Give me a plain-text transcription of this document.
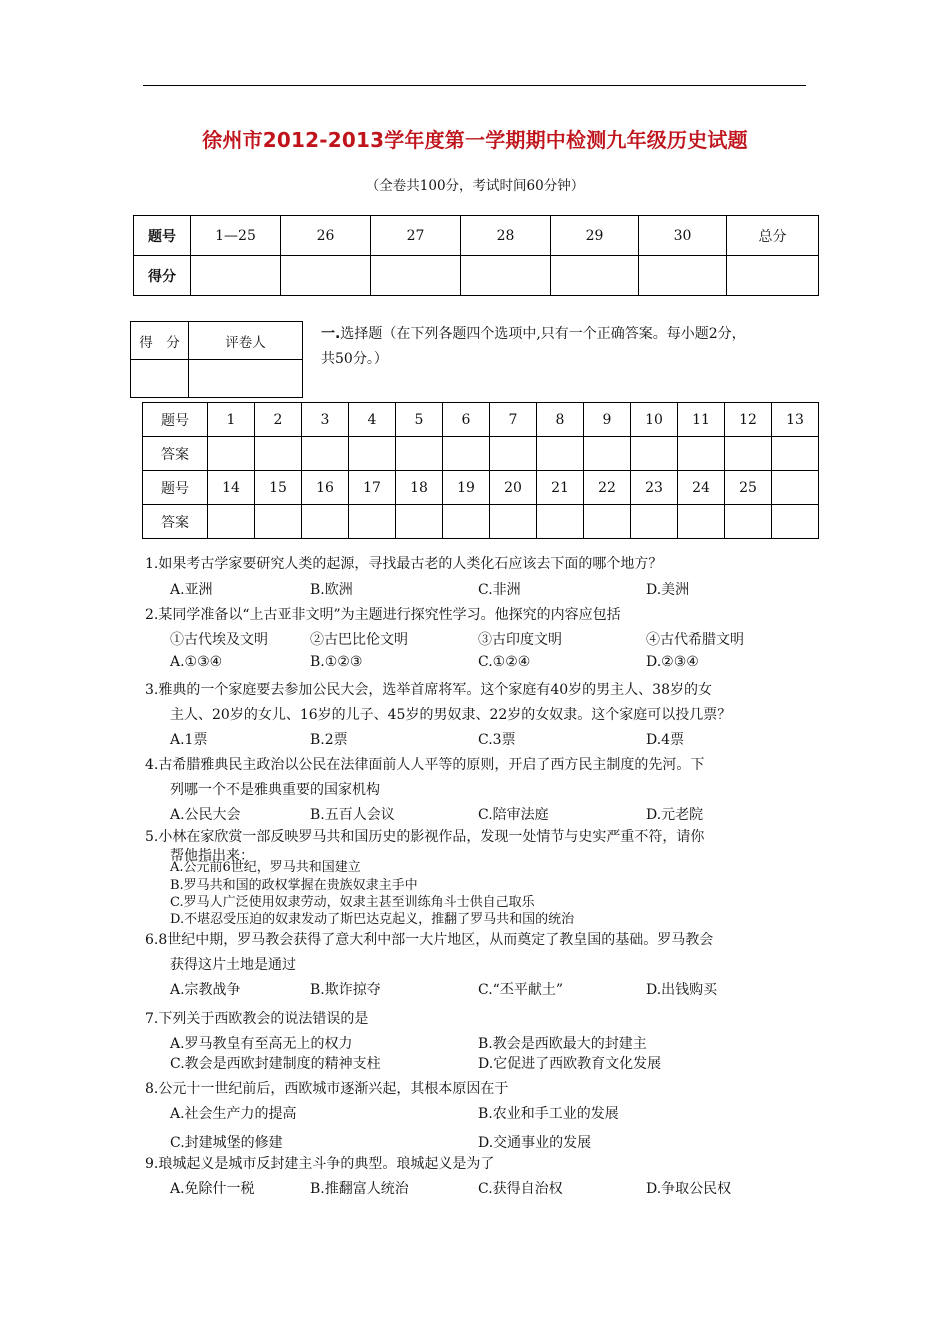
徐州市2012-2013学年度第一学期期中检测九年级历史试题
（全卷共100分，考试时间60分钟）
题号	1—25	26	27	28	29	30	总分
得分							
得　分	评卷人

一.选择题（在下列各题四个选项中,只有一个正确答案。每小题2分，
共50分。）
题号	1	2	3	4	5	6	7	8	9	10	11	12	13
答案													
题号	14	15	16	17	18	19	20	21	22	23	24	25	
答案													
1.如果考古学家要研究人类的起源，寻找最古老的人类化石应该去下面的哪个地方？
A.亚洲	B.欧洲	C.非洲	D.美洲
2.某同学准备以“上古亚非文明”为主题进行探究性学习。他探究的内容应包括
①古代埃及文明	②古巴比伦文明	③古印度文明	④古代希腊文明
A.①③④	B.①②③	C.①②④	D.②③④
3.雅典的一个家庭要去参加公民大会，选举首席将军。这个家庭有40岁的男主人、38岁的女
主人、20岁的女儿、16岁的儿子、45岁的男奴隶、22岁的女奴隶。这个家庭可以投几票？
A.1票	B.2票	C.3票	D.4票
4.古希腊雅典民主政治以公民在法律面前人人平等的原则，开启了西方民主制度的先河。下
列哪一个不是雅典重要的国家机构
A.公民大会	B.五百人会议	C.陪审法庭	D.元老院
5.小林在家欣赏一部反映罗马共和国历史的影视作品，发现一处情节与史实严重不符，请你
帮他指出来：
A.公元前6世纪，罗马共和国建立
B.罗马共和国的政权掌握在贵族奴隶主手中
C.罗马人广泛使用奴隶劳动，奴隶主甚至训练角斗士供自己取乐
D.不堪忍受压迫的奴隶发动了斯巴达克起义，推翻了罗马共和国的统治
6.8世纪中期，罗马教会获得了意大利中部一大片地区，从而奠定了教皇国的基础。罗马教会
获得这片土地是通过
A.宗教战争	B.欺诈掠夺	C.“丕平献土”	D.出钱购买
7.下列关于西欧教会的说法错误的是
A.罗马教皇有至高无上的权力	B.教会是西欧最大的封建主
C.教会是西欧封建制度的精神支柱	D.它促进了西欧教育文化发展
8.公元十一世纪前后，西欧城市逐渐兴起，其根本原因在于
A.社会生产力的提高	B.农业和手工业的发展
C.封建城堡的修建	D.交通事业的发展
9.琅城起义是城市反封建主斗争的典型。琅城起义是为了
A.免除什一税	B.推翻富人统治	C.获得自治权	D.争取公民权
